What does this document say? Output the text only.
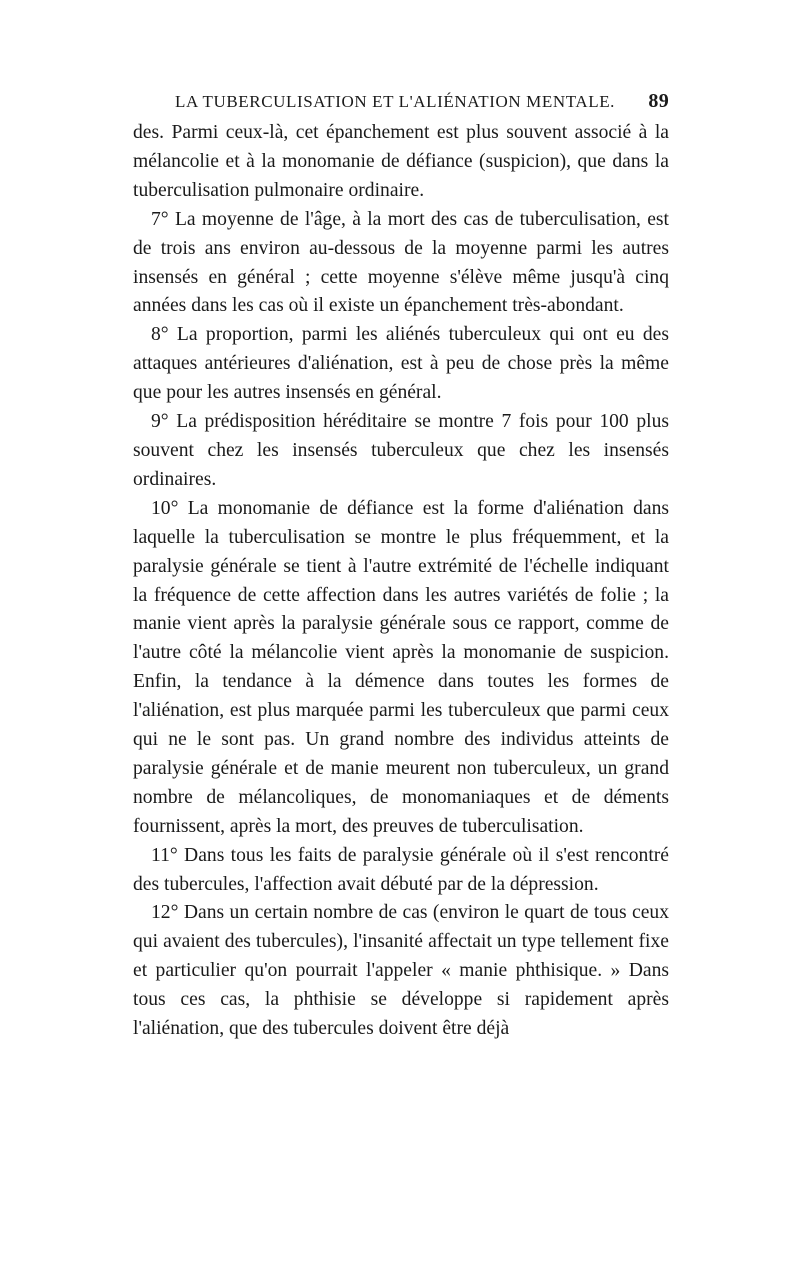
LA TUBERCULISATION ET L'ALIÉNATION MENTALE. 89

des. Parmi ceux-là, cet épanchement est plus souvent associé à la mélancolie et à la monomanie de défiance (suspicion), que dans la tuberculisation pulmonaire ordinaire.

7° La moyenne de l'âge, à la mort des cas de tuberculisation, est de trois ans environ au-dessous de la moyenne parmi les autres insensés en général ; cette moyenne s'élève même jusqu'à cinq années dans les cas où il existe un épanchement très-abondant.

8° La proportion, parmi les aliénés tuberculeux qui ont eu des attaques antérieures d'aliénation, est à peu de chose près la même que pour les autres insensés en général.

9° La prédisposition héréditaire se montre 7 fois pour 100 plus souvent chez les insensés tuberculeux que chez les insensés ordinaires.

10° La monomanie de défiance est la forme d'aliénation dans laquelle la tuberculisation se montre le plus fréquemment, et la paralysie générale se tient à l'autre extrémité de l'échelle indiquant la fréquence de cette affection dans les autres variétés de folie ; la manie vient après la paralysie générale sous ce rapport, comme de l'autre côté la mélancolie vient après la monomanie de suspicion. Enfin, la tendance à la démence dans toutes les formes de l'aliénation, est plus marquée parmi les tuberculeux que parmi ceux qui ne le sont pas. Un grand nombre des individus atteints de paralysie générale et de manie meurent non tuberculeux, un grand nombre de mélancoliques, de monomaniaques et de déments fournissent, après la mort, des preuves de tuberculisation.

11° Dans tous les faits de paralysie générale où il s'est rencontré des tubercules, l'affection avait débuté par de la dépression.

12° Dans un certain nombre de cas (environ le quart de tous ceux qui avaient des tubercules), l'insanité affectait un type tellement fixe et particulier qu'on pourrait l'appeler « manie phthisique. » Dans tous ces cas, la phthisie se développe si rapidement après l'aliénation, que des tubercules doivent être déjà
